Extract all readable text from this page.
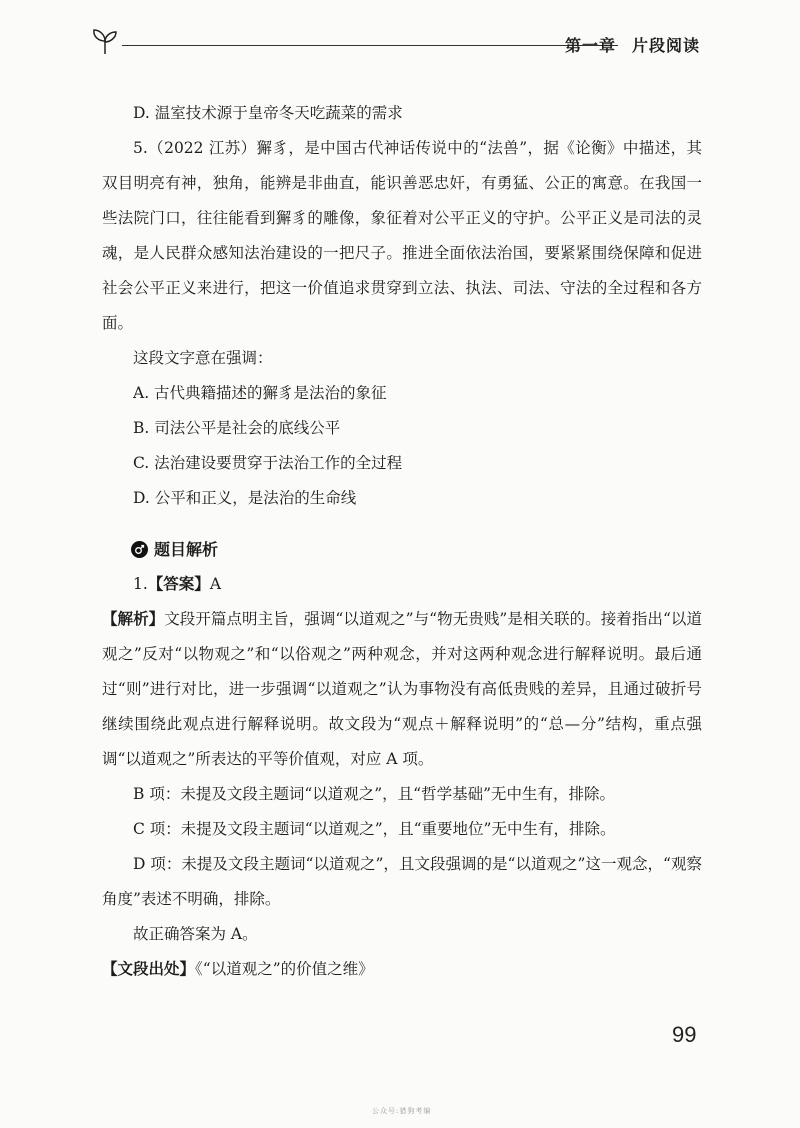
第一章 片段阅读

D. 温室技术源于皇帝冬天吃蔬菜的需求

5.（2022 江苏）獬豸，是中国古代神话传说中的“法兽”，据《论衡》中描述，其双目明亮有神，独角，能辨是非曲直，能识善恶忠奸，有勇猛、公正的寓意。在我国一些法院门口，往往能看到獬豸的雕像，象征着对公平正义的守护。公平正义是司法的灵魂，是人民群众感知法治建设的一把尺子。推进全面依法治国，要紧紧围绕保障和促进社会公平正义来进行，把这一价值追求贯穿到立法、执法、司法、守法的全过程和各方面。

这段文字意在强调：

A. 古代典籍描述的獬豸是法治的象征

B. 司法公平是社会的底线公平

C. 法治建设要贯穿于法治工作的全过程

D. 公平和正义，是法治的生命线

题目解析

1.【答案】A

【解析】文段开篇点明主旨，强调“以道观之”与“物无贵贱”是相关联的。接着指出“以道观之”反对“以物观之”和“以俗观之”两种观念，并对这两种观念进行解释说明。最后通过“则”进行对比，进一步强调“以道观之”认为事物没有高低贵贱的差异，且通过破折号继续围绕此观点进行解释说明。故文段为“观点＋解释说明”的“总—分”结构，重点强调“以道观之”所表达的平等价值观，对应 A 项。

B 项：未提及文段主题词“以道观之”，且“哲学基础”无中生有，排除。

C 项：未提及文段主题词“以道观之”，且“重要地位”无中生有，排除。

D 项：未提及文段主题词“以道观之”，且文段强调的是“以道观之”这一观念，“观察角度”表述不明确，排除。

故正确答案为 A。

【文段出处】《“以道观之”的价值之维》

99
公众号:猎狗考编
